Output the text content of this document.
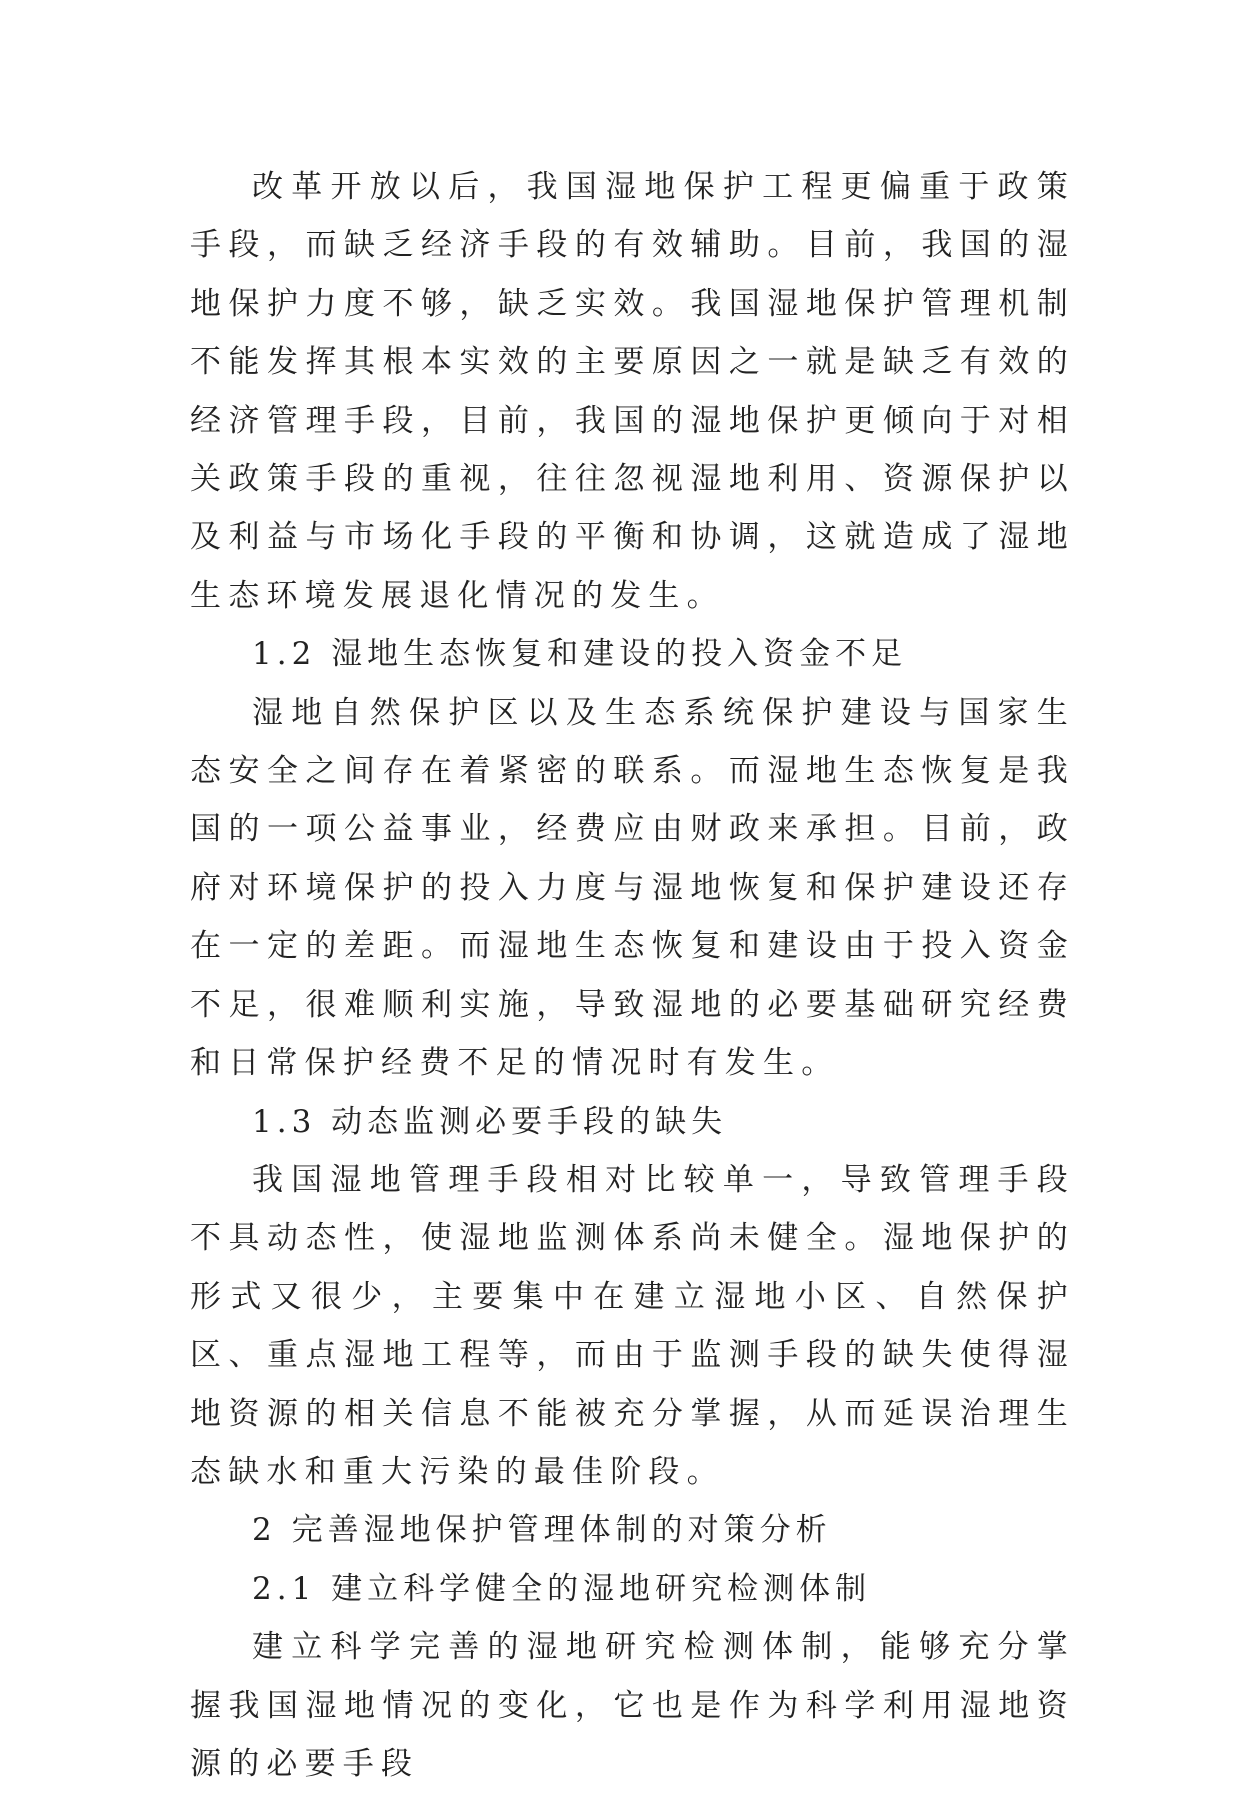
改革开放以后，我国湿地保护工程更偏重于政策手段，而缺乏经济手段的有效辅助。目前，我国的湿地保护力度不够，缺乏实效。我国湿地保护管理机制不能发挥其根本实效的主要原因之一就是缺乏有效的经济管理手段，目前，我国的湿地保护更倾向于对相关政策手段的重视，往往忽视湿地利用、资源保护以及利益与市场化手段的平衡和协调，这就造成了湿地生态环境发展退化情况的发生。

1.2 湿地生态恢复和建设的投入资金不足

湿地自然保护区以及生态系统保护建设与国家生态安全之间存在着紧密的联系。而湿地生态恢复是我国的一项公益事业，经费应由财政来承担。目前，政府对环境保护的投入力度与湿地恢复和保护建设还存在一定的差距。而湿地生态恢复和建设由于投入资金不足，很难顺利实施，导致湿地的必要基础研究经费和日常保护经费不足的情况时有发生。

1.3 动态监测必要手段的缺失

我国湿地管理手段相对比较单一，导致管理手段不具动态性，使湿地监测体系尚未健全。湿地保护的形式又很少，主要集中在建立湿地小区、自然保护区、重点湿地工程等，而由于监测手段的缺失使得湿地资源的相关信息不能被充分掌握，从而延误治理生态缺水和重大污染的最佳阶段。

2 完善湿地保护管理体制的对策分析

2.1 建立科学健全的湿地研究检测体制

建立科学完善的湿地研究检测体制，能够充分掌握我国湿地情况的变化，它也是作为科学利用湿地资源的必要手段
